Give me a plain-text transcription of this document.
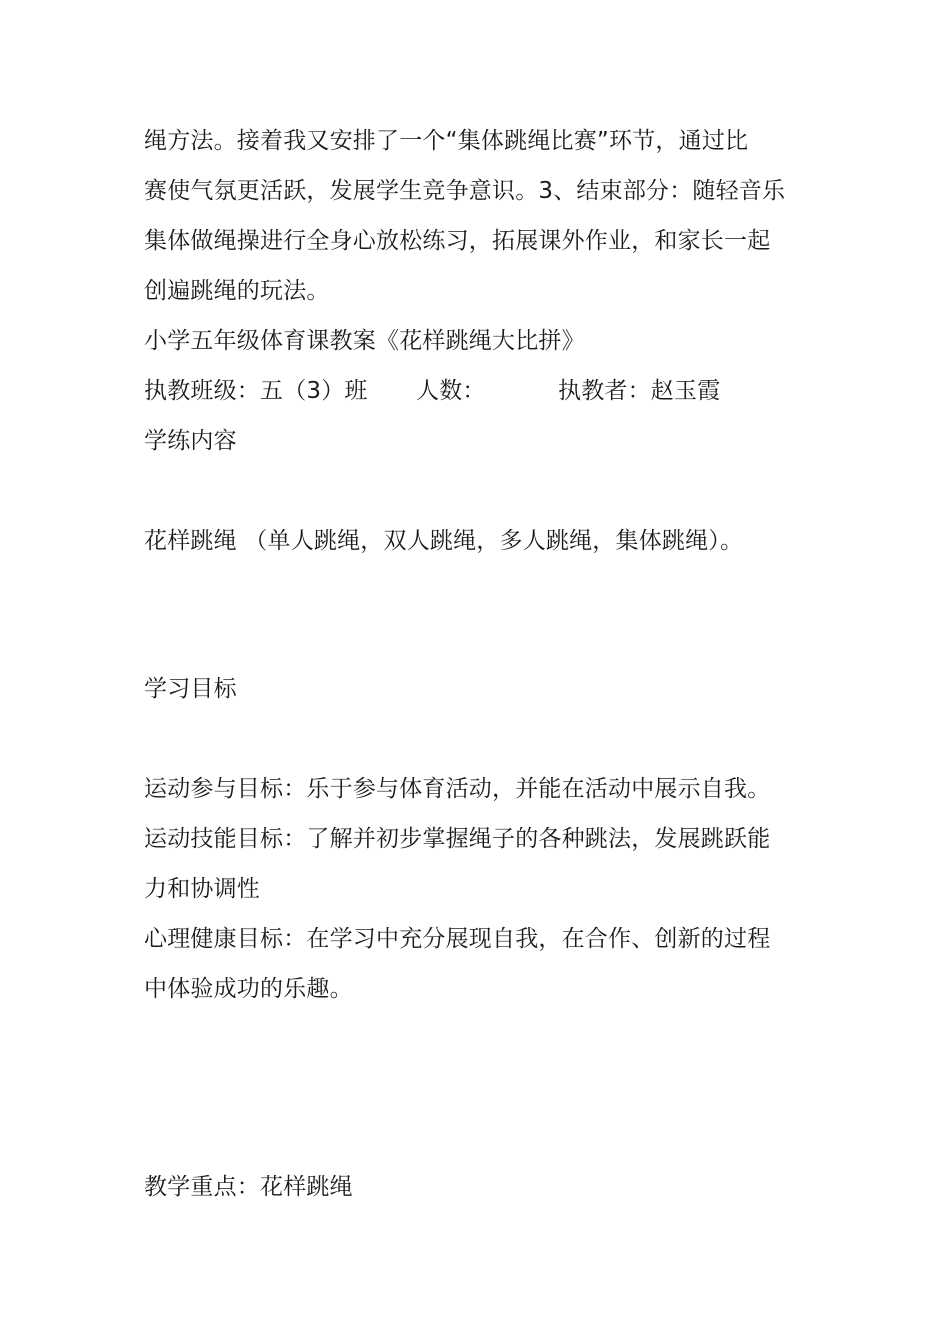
绳方法。接着我又安排了一个“集体跳绳比赛”环节，通过比
赛使气氛更活跃，发展学生竞争意识。3、结束部分：随轻音乐
集体做绳操进行全身心放松练习，拓展课外作业，和家长一起
创遍跳绳的玩法。
小学五年级体育课教案《花样跳绳大比拼》
执教班级：五（3）班 人数：	执教者：赵玉霞
学练内容
花样跳绳 （单人跳绳，双人跳绳，多人跳绳，集体跳绳）。
学习目标
运动参与目标：乐于参与体育活动，并能在活动中展示自我。
运动技能目标：了解并初步掌握绳子的各种跳法，发展跳跃能
力和协调性
心理健康目标：在学习中充分展现自我，在合作、创新的过程
中体验成功的乐趣。
教学重点：花样跳绳
